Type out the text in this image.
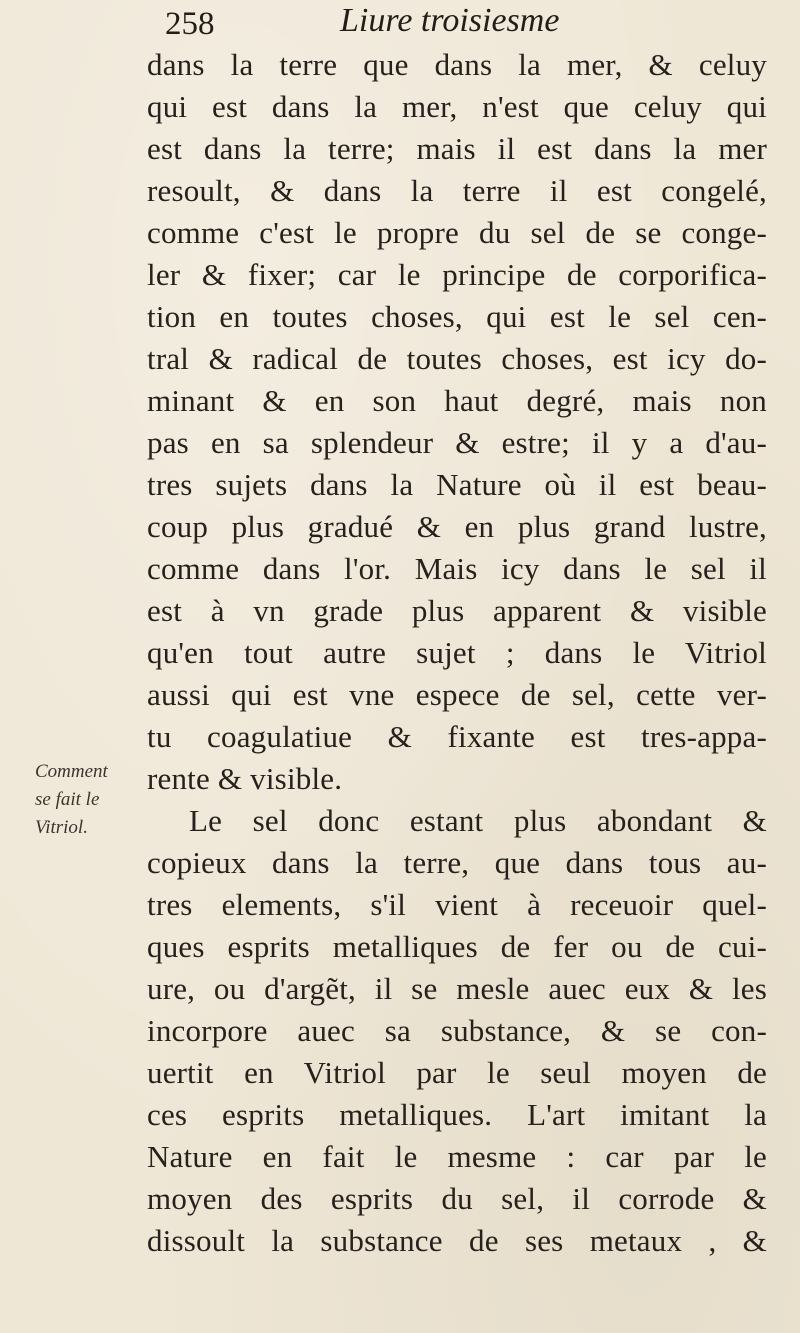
258	Liure troisiesme
Comment
se fait le
Vitriol.
dans la terre que dans la mer, & celuy
qui est dans la mer, n'est que celuy qui
est dans la terre; mais il est dans la mer
resoult, & dans la terre il est congelé,
comme c'est le propre du sel de se conge-
ler & fixer; car le principe de corporifica-
tion en toutes choses, qui est le sel cen-
tral & radical de toutes choses, est icy do-
minant & en son haut degré, mais non
pas en sa splendeur & estre; il y a d'au-
tres sujets dans la Nature où il est beau-
coup plus gradué & en plus grand lustre,
comme dans l'or. Mais icy dans le sel il
est à vn grade plus apparent & visible
qu'en tout autre sujet ; dans le Vitriol
aussi qui est vne espece de sel, cette ver-
tu coagulatiue & fixante est tres-appa-
rente & visible.
Le sel donc estant plus abondant &
copieux dans la terre, que dans tous au-
tres elements, s'il vient à receuoir quel-
ques esprits metalliques de fer ou de cui-
ure, ou d'argẽt, il se mesle auec eux & les
incorpore auec sa substance, & se con-
uertit en Vitriol par le seul moyen de
ces esprits metalliques. L'art imitant la
Nature en fait le mesme : car par le
moyen des esprits du sel, il corrode &
dissoult la substance de ses metaux , &
